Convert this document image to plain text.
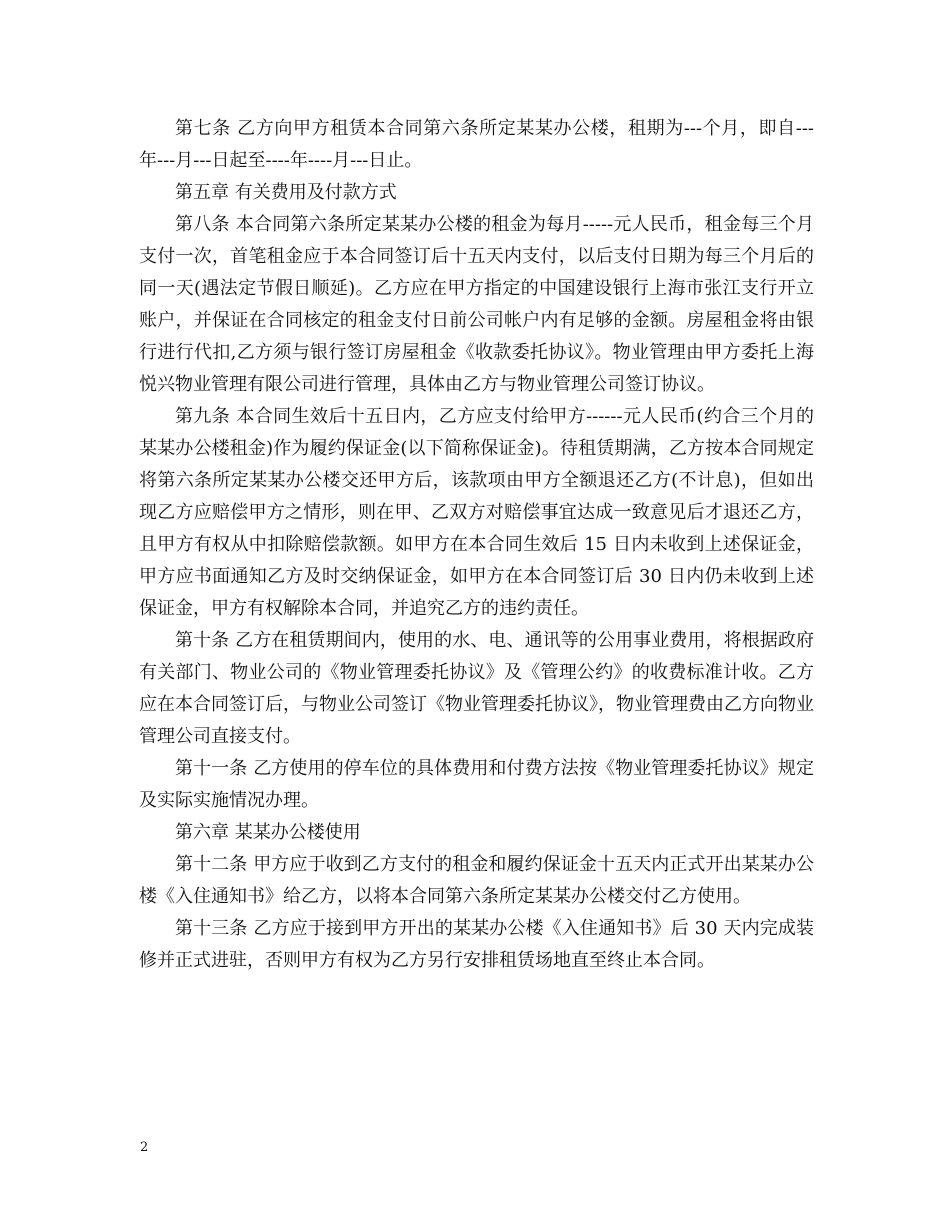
第七条 乙方向甲方租赁本合同第六条所定某某办公楼，租期为---个月，即自---年---月---日起至----年----月---日止。

第五章 有关费用及付款方式

第八条 本合同第六条所定某某办公楼的租金为每月-----元人民币，租金每三个月支付一次，首笔租金应于本合同签订后十五天内支付，以后支付日期为每三个月后的同一天(遇法定节假日顺延)。乙方应在甲方指定的中国建设银行上海市张江支行开立账户，并保证在合同核定的租金支付日前公司帐户内有足够的金额。房屋租金将由银行进行代扣,乙方须与银行签订房屋租金《收款委托协议》。物业管理由甲方委托上海悦兴物业管理有限公司进行管理，具体由乙方与物业管理公司签订协议。

第九条 本合同生效后十五日内，乙方应支付给甲方------元人民币(约合三个月的某某办公楼租金)作为履约保证金(以下简称保证金)。待租赁期满，乙方按本合同规定将第六条所定某某办公楼交还甲方后，该款项由甲方全额退还乙方(不计息)，但如出现乙方应赔偿甲方之情形，则在甲、乙双方对赔偿事宜达成一致意见后才退还乙方，且甲方有权从中扣除赔偿款额。如甲方在本合同生效后 15 日内未收到上述保证金，甲方应书面通知乙方及时交纳保证金，如甲方在本合同签订后 30 日内仍未收到上述保证金，甲方有权解除本合同，并追究乙方的违约责任。

第十条 乙方在租赁期间内，使用的水、电、通讯等的公用事业费用，将根据政府有关部门、物业公司的《物业管理委托协议》及《管理公约》的收费标准计收。乙方应在本合同签订后，与物业公司签订《物业管理委托协议》，物业管理费由乙方向物业管理公司直接支付。

第十一条 乙方使用的停车位的具体费用和付费方法按《物业管理委托协议》规定及实际实施情况办理。

第六章 某某办公楼使用

第十二条 甲方应于收到乙方支付的租金和履约保证金十五天内正式开出某某办公楼《入住通知书》给乙方，以将本合同第六条所定某某办公楼交付乙方使用。

第十三条 乙方应于接到甲方开出的某某办公楼《入住通知书》后 30 天内完成装修并正式进驻，否则甲方有权为乙方另行安排租赁场地直至终止本合同。

2
